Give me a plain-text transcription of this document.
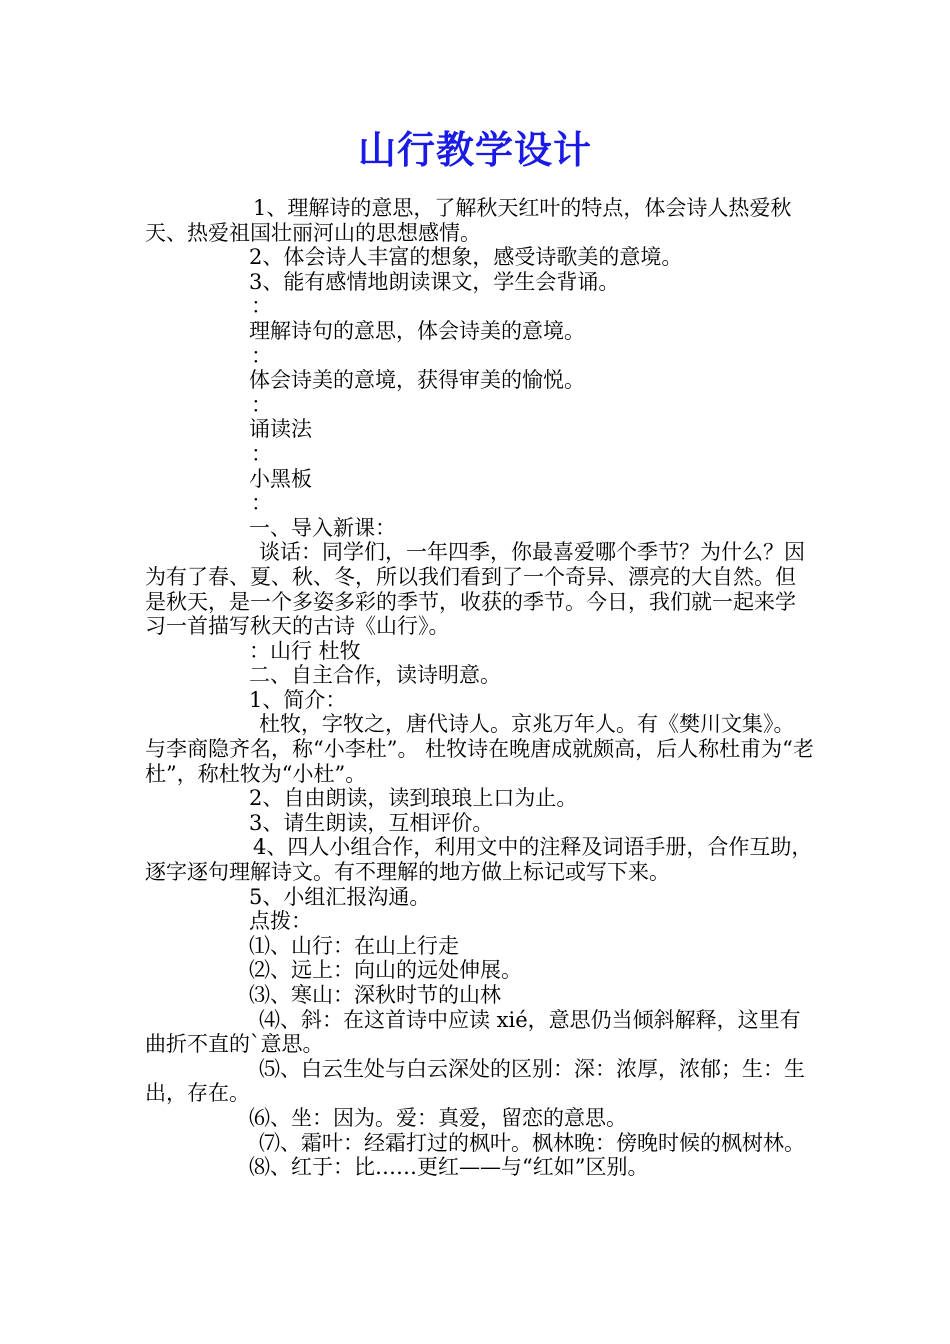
山行教学设计

1、理解诗的意思，了解秋天红叶的特点，体会诗人热爱秋天、热爱祖国壮丽河山的思想感情。

2、体会诗人丰富的想象，感受诗歌美的意境。

3、能有感情地朗读课文，学生会背诵。

：

理解诗句的意思，体会诗美的意境。

：

体会诗美的意境，获得审美的愉悦。

：

诵读法

：

小黑板

：

一、导入新课：

谈话：同学们，一年四季，你最喜爱哪个季节？为什么？因为有了春、夏、秋、冬，所以我们看到了一个奇异、漂亮的大自然。但是秋天，是一个多姿多彩的季节，收获的季节。今日，我们就一起来学习一首描写秋天的古诗《山行》。

：山行 杜牧

二、自主合作，读诗明意。

1、简介：

杜牧，字牧之，唐代诗人。京兆万年人。有《樊川文集》。与李商隐齐名，称“小李杜”。 杜牧诗在晚唐成就颇高，后人称杜甫为“老杜”，称杜牧为“小杜”。

2、自由朗读，读到琅琅上口为止。

3、请生朗读，互相评价。

4、四人小组合作，利用文中的注释及词语手册，合作互助，逐字逐句理解诗文。有不理解的地方做上标记或写下来。

5、小组汇报沟通。

点拨：

⑴、山行：在山上行走

⑵、远上：向山的远处伸展。

⑶、寒山：深秋时节的山林

⑷、斜：在这首诗中应读 xié，意思仍当倾斜解释，这里有曲折不直的`意思。

⑸、白云生处与白云深处的区别：深：浓厚，浓郁；生：生出，存在。

⑹、坐：因为。爱：真爱，留恋的意思。

⑺、霜叶：经霜打过的枫叶。枫林晚：傍晚时候的枫树林。

⑻、红于：比……更红——与“红如”区别。
